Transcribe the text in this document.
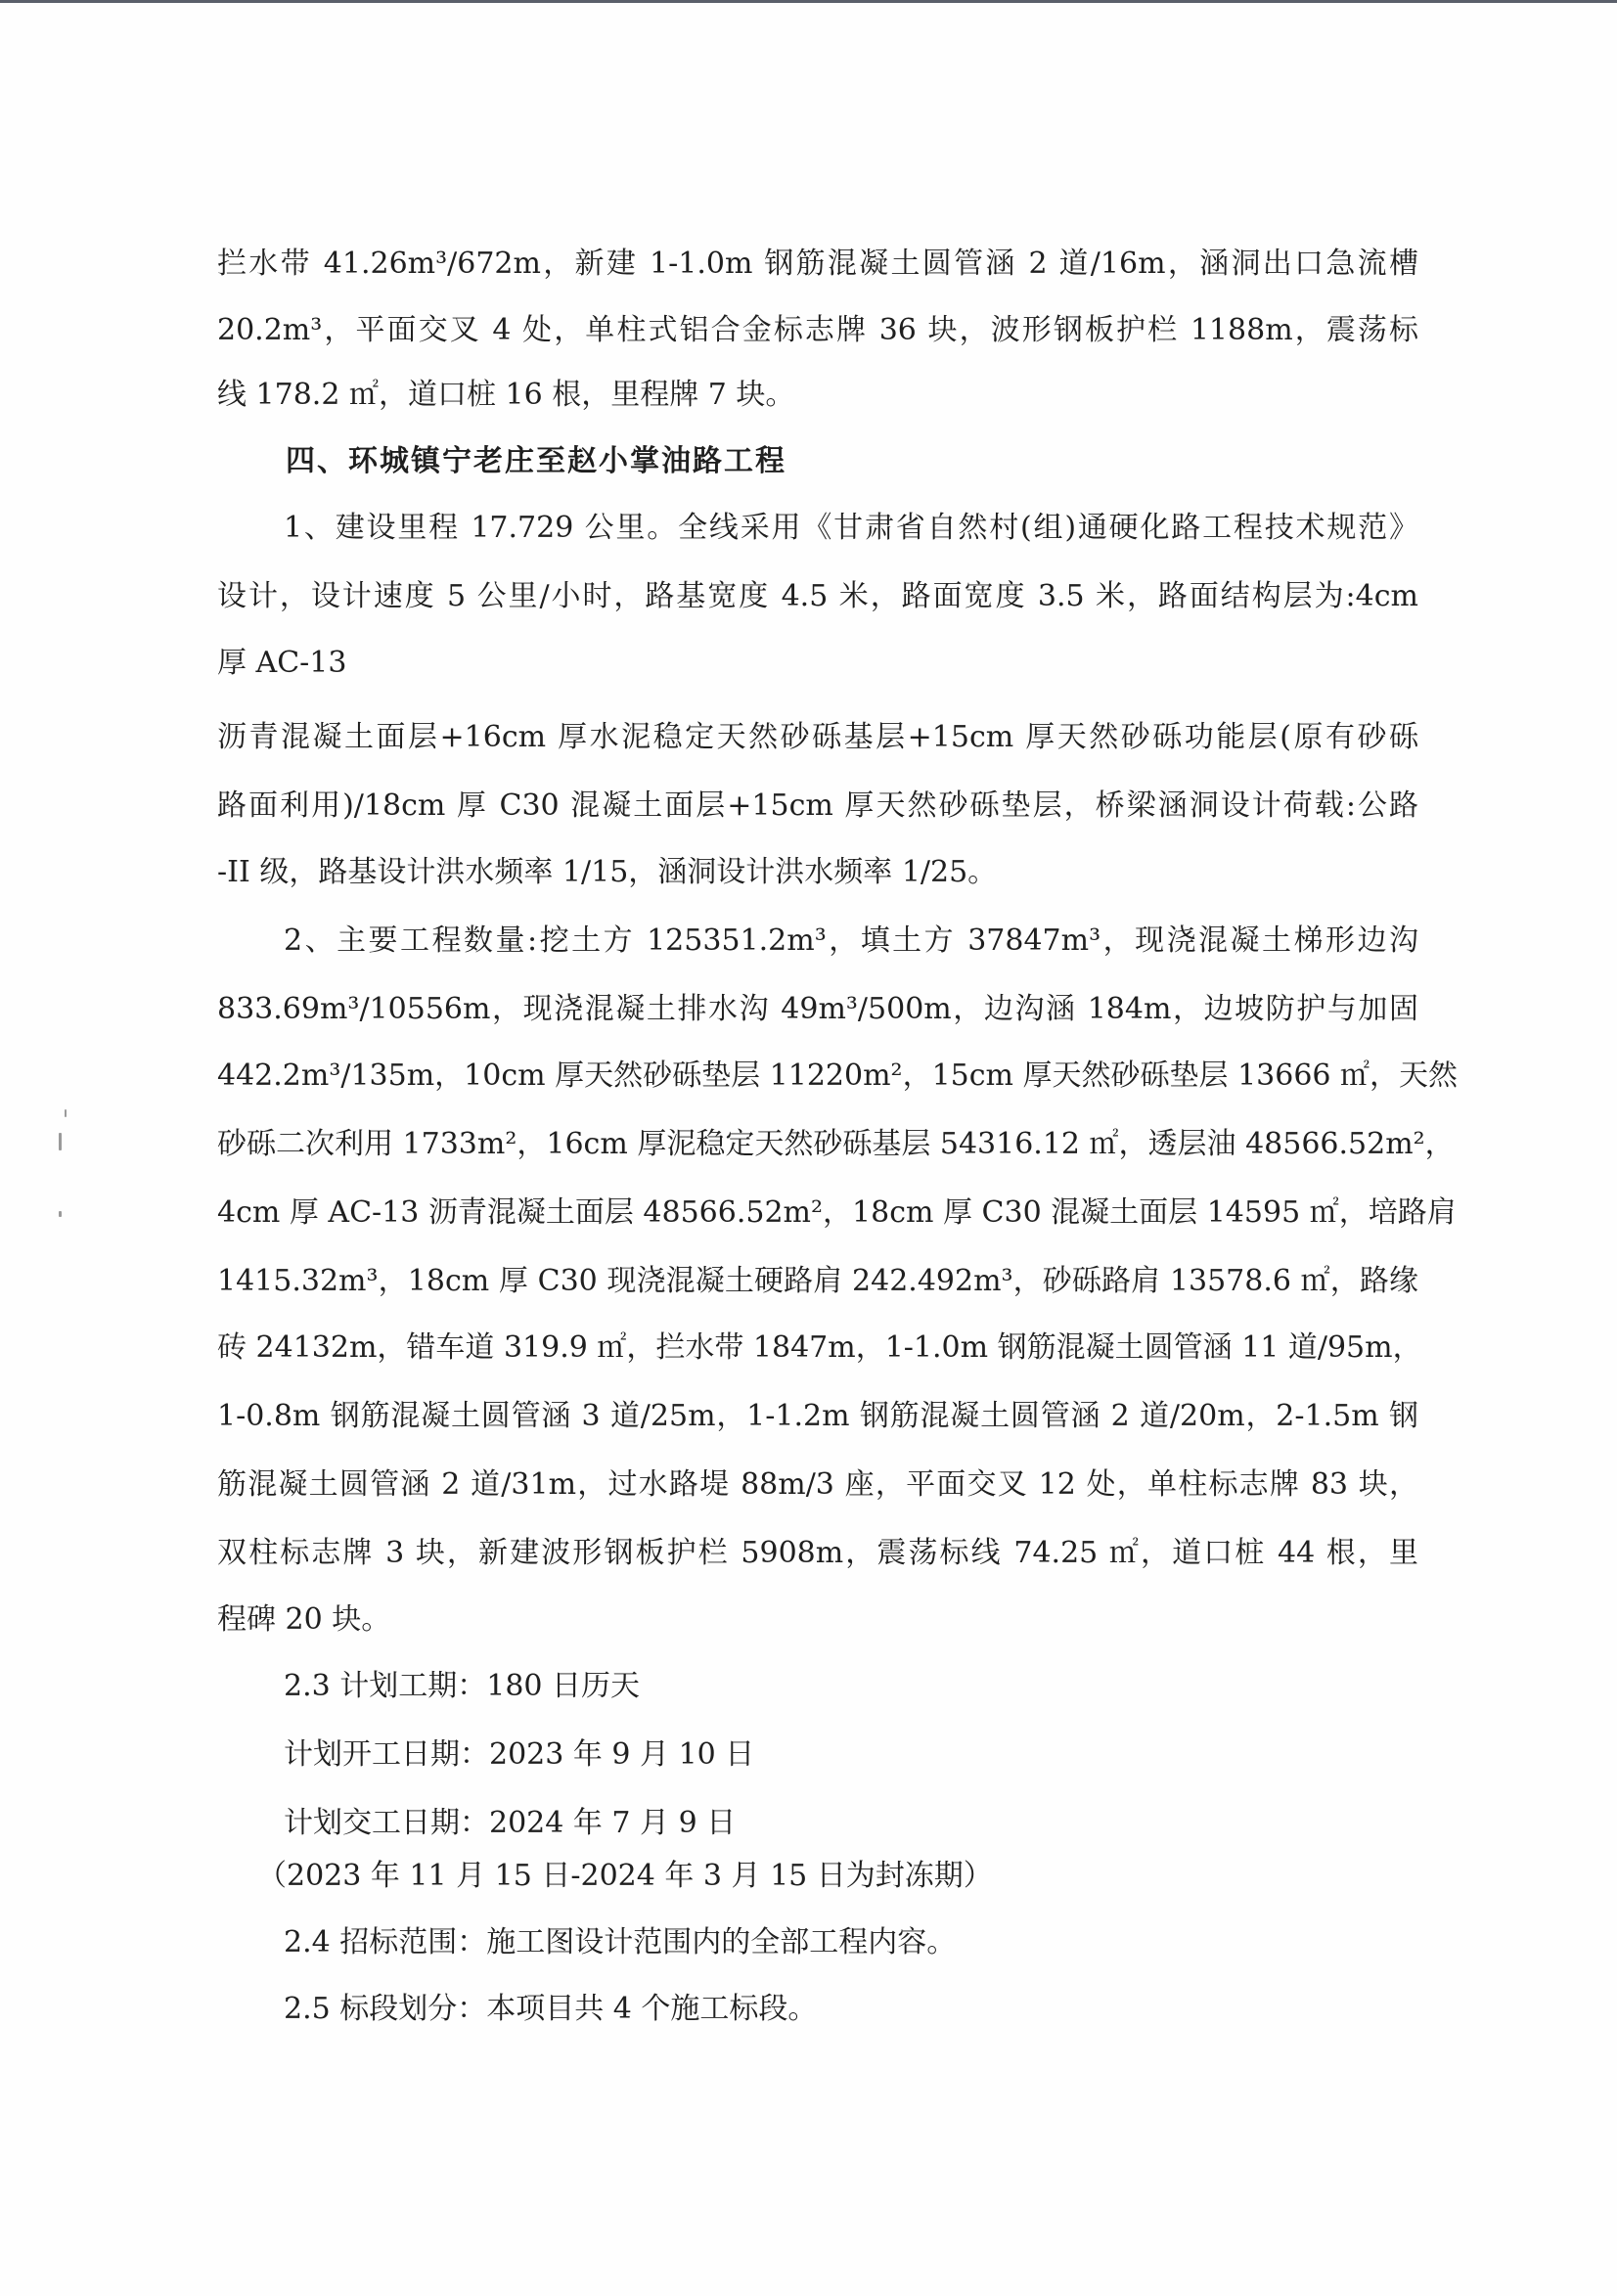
拦水带 41.26m³/672m，新建 1-1.0m 钢筋混凝土圆管涵 2 道/16m，涵洞出口急流槽
20.2m³，平面交叉 4 处，单柱式铝合金标志牌 36 块，波形钢板护栏 1188m，震荡标
线 178.2 ㎡，道口桩 16 根，里程牌 7 块。
四、环城镇宁老庄至赵小掌油路工程
1、建设里程 17.729 公里。全线采用《甘肃省自然村(组)通硬化路工程技术规范》
设计，设计速度 5 公里/小时，路基宽度 4.5 米，路面宽度 3.5 米，路面结构层为:4cm
厚 AC-13
沥青混凝土面层+16cm 厚水泥稳定天然砂砾基层+15cm 厚天然砂砾功能层(原有砂砾
路面利用)/18cm 厚 C30 混凝土面层+15cm 厚天然砂砾垫层，桥梁涵洞设计荷载:公路
-II 级，路基设计洪水频率 1/15，涵洞设计洪水频率 1/25。
2、主要工程数量:挖土方 125351.2m³，填土方 37847m³，现浇混凝土梯形边沟
833.69m³/10556m，现浇混凝土排水沟 49m³/500m，边沟涵 184m，边坡防护与加固
442.2m³/135m，10cm 厚天然砂砾垫层 11220m²，15cm 厚天然砂砾垫层 13666 ㎡，天然
砂砾二次利用 1733m²，16cm 厚泥稳定天然砂砾基层 54316.12 ㎡，透层油 48566.52m²，
4cm 厚 AC-13 沥青混凝土面层 48566.52m²，18cm 厚 C30 混凝土面层 14595 ㎡，培路肩
1415.32m³，18cm 厚 C30 现浇混凝土硬路肩 242.492m³，砂砾路肩 13578.6 ㎡，路缘
砖 24132m，错车道 319.9 ㎡，拦水带 1847m，1-1.0m 钢筋混凝土圆管涵 11 道/95m，
1-0.8m 钢筋混凝土圆管涵 3 道/25m，1-1.2m 钢筋混凝土圆管涵 2 道/20m，2-1.5m 钢
筋混凝土圆管涵 2 道/31m，过水路堤 88m/3 座，平面交叉 12 处，单柱标志牌 83 块，
双柱标志牌 3 块，新建波形钢板护栏 5908m，震荡标线 74.25 ㎡，道口桩 44 根，里
程碑 20 块。
2.3 计划工期：180 日历天
计划开工日期：2023 年 9 月 10 日
计划交工日期：2024 年 7 月 9 日
（2023 年 11 月 15 日-2024 年 3 月 15 日为封冻期）
2.4 招标范围：施工图设计范围内的全部工程内容。
2.5 标段划分：本项目共 4 个施工标段。
